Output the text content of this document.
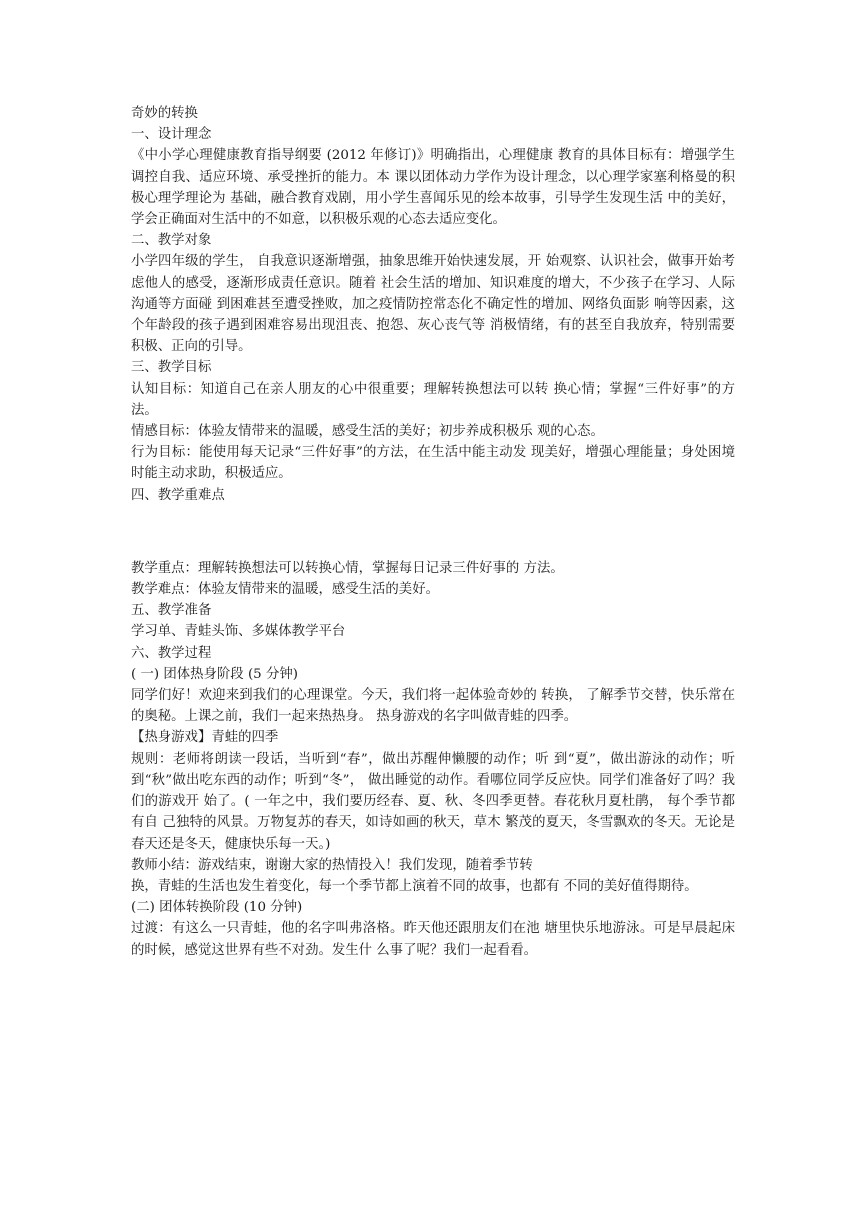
奇妙的转换
一、设计理念
《中小学心理健康教育指导纲要 (2012 年修订)》明确指出，心理健康 教育的具体目标有：增强学生调控自我、适应环境、承受挫折的能力。本 课以团体动力学作为设计理念，以心理学家塞利格曼的积极心理学理论为 基础，融合教育戏剧，用小学生喜闻乐见的绘本故事，引导学生发现生活 中的美好，学会正确面对生活中的不如意，以积极乐观的心态去适应变化。
二、教学对象
小学四年级的学生， 自我意识逐渐增强，抽象思维开始快速发展，开 始观察、认识社会，做事开始考虑他人的感受，逐渐形成责任意识。随着 社会生活的增加、知识难度的增大，不少孩子在学习、人际沟通等方面碰 到困难甚至遭受挫败，加之疫情防控常态化不确定性的增加、网络负面影 响等因素，这个年龄段的孩子遇到困难容易出现沮丧、抱怨、灰心丧气等 消极情绪，有的甚至自我放弃，特别需要积极、正向的引导。
三、教学目标
认知目标：知道自己在亲人朋友的心中很重要；理解转换想法可以转 换心情；掌握“三件好事”的方法。
情感目标：体验友情带来的温暖，感受生活的美好；初步养成积极乐 观的心态。
行为目标：能使用每天记录“三件好事”的方法，在生活中能主动发 现美好，增强心理能量；身处困境时能主动求助，积极适应。
四、教学重难点
教学重点：理解转换想法可以转换心情，掌握每日记录三件好事的 方法。
教学难点：体验友情带来的温暖，感受生活的美好。
五、教学准备
学习单、青蛙头饰、多媒体教学平台
六、教学过程
( 一) 团体热身阶段 (5 分钟)
同学们好！欢迎来到我们的心理课堂。今天，我们将一起体验奇妙的 转换， 了解季节交替，快乐常在的奥秘。上课之前，我们一起来热热身。 热身游戏的名字叫做青蛙的四季。
【热身游戏】青蛙的四季
规则：老师将朗读一段话，当听到“春”，做出苏醒伸懒腰的动作；听 到“夏”，做出游泳的动作；听到“秋”做出吃东西的动作；听到“冬”， 做出睡觉的动作。看哪位同学反应快。同学们准备好了吗？我们的游戏开 始了。( 一年之中，我们要历经春、夏、秋、冬四季更替。春花秋月夏杜鹃， 每个季节都有自 己独特的风景。万物复苏的春天，如诗如画的秋天，草木 繁茂的夏天，冬雪飘欢的冬天。无论是春天还是冬天，健康快乐每一天。)
教师小结：游戏结束，谢谢大家的热情投入！我们发现，随着季节转
换，青蛙的生活也发生着变化，每一个季节都上演着不同的故事，也都有 不同的美好值得期待。
(二) 团体转换阶段 (10 分钟)
过渡：有这么一只青蛙，他的名字叫弗洛格。昨天他还跟朋友们在池 塘里快乐地游泳。可是早晨起床的时候，感觉这世界有些不对劲。发生什 么事了呢？我们一起看看。
